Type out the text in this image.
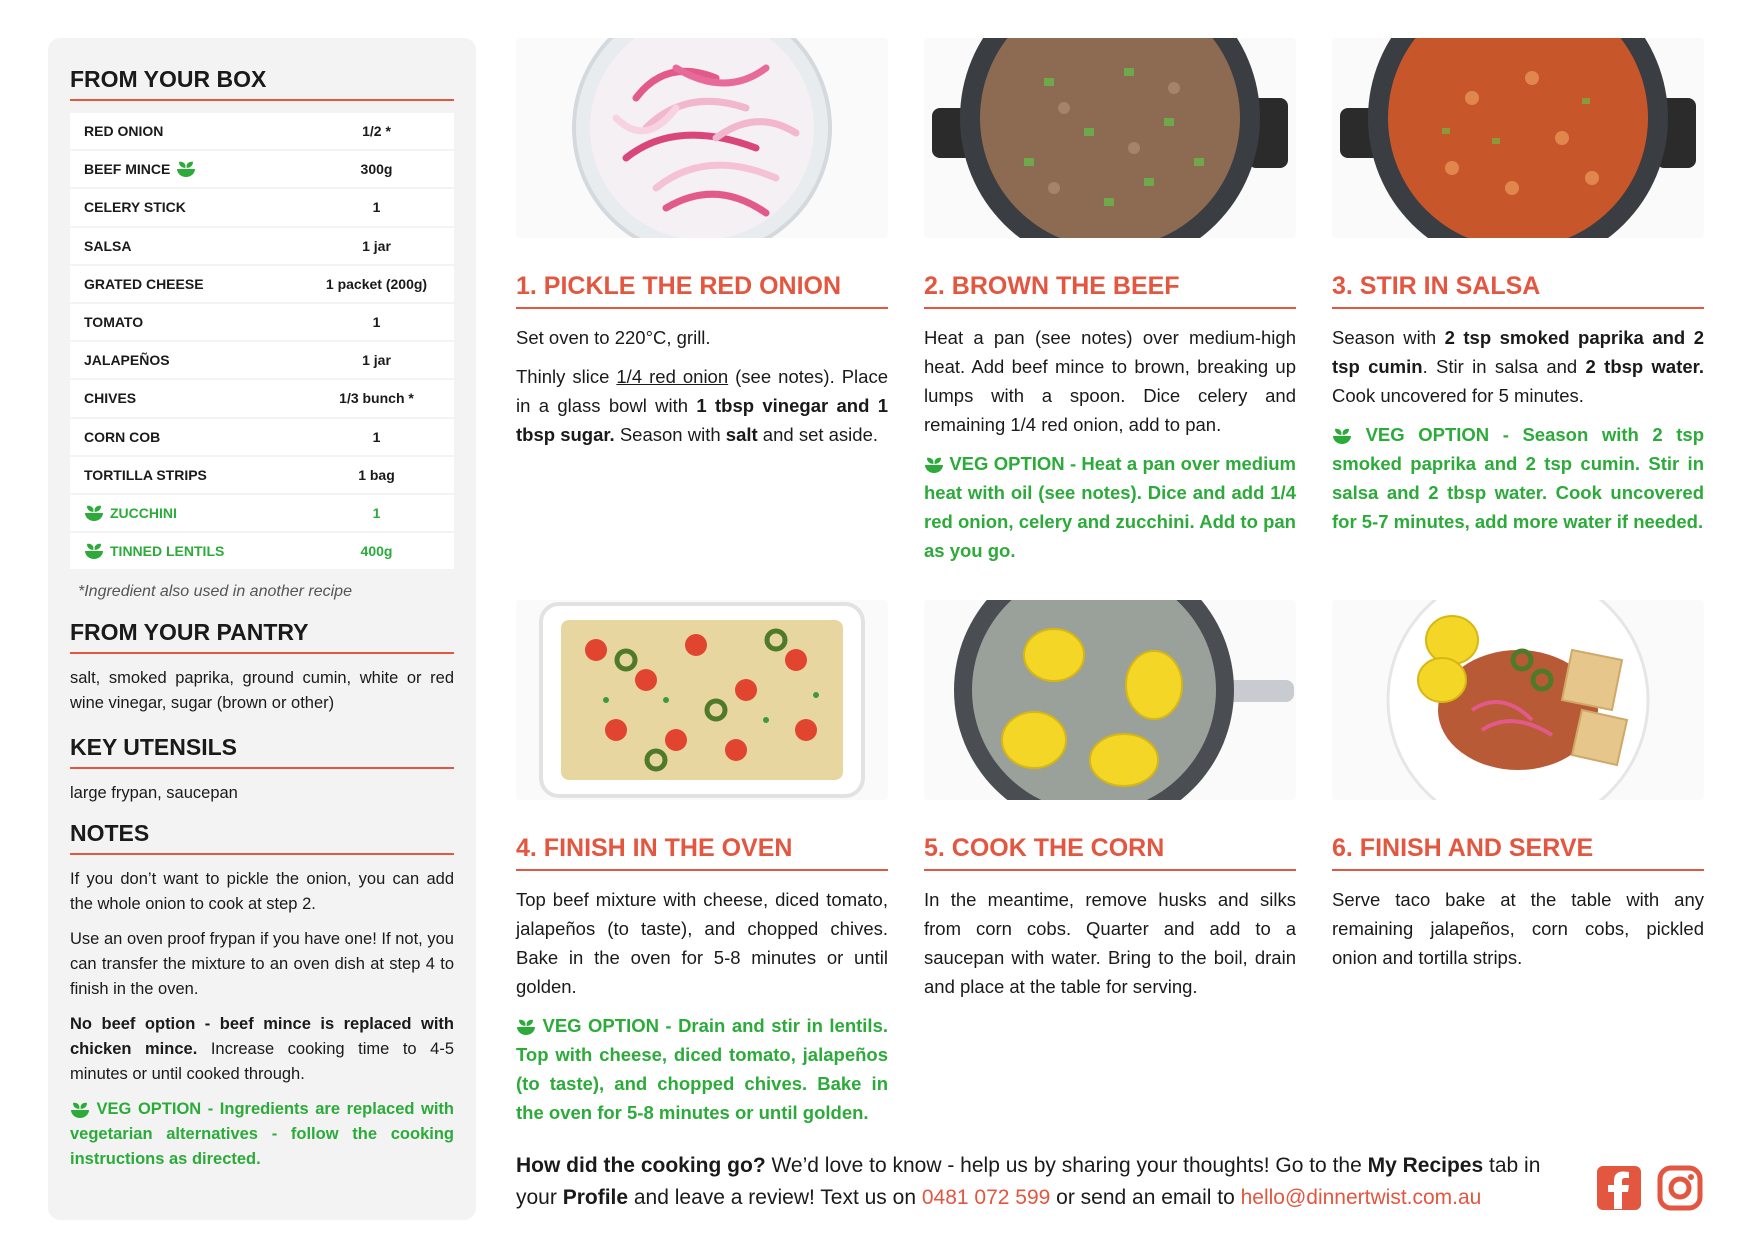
FROM YOUR BOX
RED ONION	1/2 *
BEEF MINCE	300g
CELERY STICK	1
SALSA	1 jar
GRATED CHEESE	1 packet (200g)
TOMATO	1
JALAPEÑOS	1 jar
CHIVES	1/3 bunch *
CORN COB	1
TORTILLA STRIPS	1 bag
ZUCCHINI	1
TINNED LENTILS	400g
*Ingredient also used in another recipe
FROM YOUR PANTRY
salt, smoked paprika, ground cumin, white or red wine vinegar, sugar (brown or other)
KEY UTENSILS
large frypan, saucepan
NOTES
If you don’t want to pickle the onion, you can add the whole onion to cook at step 2.
Use an oven proof frypan if you have one! If not, you can transfer the mixture to an oven dish at step 4 to finish in the oven.
No beef option - beef mince is replaced with chicken mince. Increase cooking time to 4-5 minutes or until cooked through.
VEG OPTION - Ingredients are replaced with vegetarian alternatives - follow the cooking instructions as directed.
1. PICKLE THE RED ONION

Set oven to 220°C, grill.

Thinly slice 1/4 red onion (see notes). Place in a glass bowl with 1 tbsp vinegar and 1 tbsp sugar. Season with salt and set aside.

2. BROWN THE BEEF

Heat a pan (see notes) over medium-high heat. Add beef mince to brown, breaking up lumps with a spoon. Dice celery and remaining 1/4 red onion, add to pan.

VEG OPTION - Heat a pan over medium heat with oil (see notes). Dice and add 1/4 red onion, celery and zucchini. Add to pan as you go.

3. STIR IN SALSA

Season with 2 tsp smoked paprika and 2 tsp cumin. Stir in salsa and 2 tbsp water. Cook uncovered for 5 minutes.

VEG OPTION - Season with 2 tsp smoked paprika and 2 tsp cumin. Stir in salsa and 2 tbsp water. Cook uncovered for 5-7 minutes, add more water if needed.

4. FINISH IN THE OVEN

Top beef mixture with cheese, diced tomato, jalapeños (to taste), and chopped chives. Bake in the oven for 5-8 minutes or until golden.

VEG OPTION - Drain and stir in lentils. Top with cheese, diced tomato, jalapeños (to taste), and chopped chives. Bake in the oven for 5-8 minutes or until golden.

5. COOK THE CORN

In the meantime, remove husks and silks from corn cobs. Quarter and add to a saucepan with water. Bring to the boil, drain and place at the table for serving.

6. FINISH AND SERVE

Serve taco bake at the table with any remaining jalapeños, corn cobs, pickled onion and tortilla strips.

How did the cooking go? We’d love to know - help us by sharing your thoughts! Go to the My Recipes tab in your Profile and leave a review! Text us on 0481 072 599 or send an email to hello@dinnertwist.com.au
